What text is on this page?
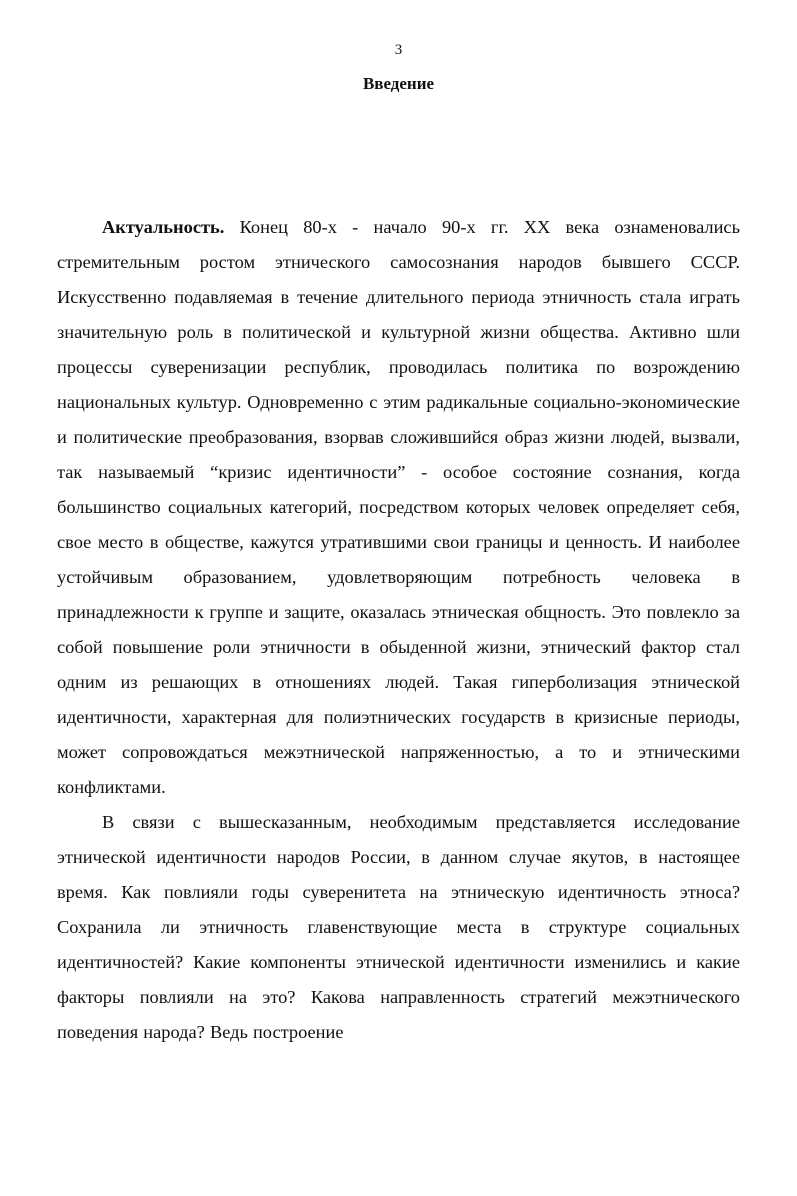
3
Введение

Актуальность. Конец 80-х - начало 90-х гг. XX века ознаменовались стремительным ростом этнического самосознания народов бывшего СССР. Искусственно подавляемая в течение длительного периода этничность стала играть значительную роль в политической и культурной жизни общества. Активно шли процессы суверенизации республик, проводилась политика по возрождению национальных культур. Одновременно с этим радикальные социально-экономические и политические преобразования, взорвав сложившийся образ жизни людей, вызвали, так называемый “кризис идентичности” - особое состояние сознания, когда большинство социальных категорий, посредством которых человек определяет себя, свое место в обществе, кажутся утратившими свои границы и ценность. И наиболее устойчивым образованием, удовлетворяющим потребность человека в принадлежности к группе и защите, оказалась этническая общность. Это повлекло за собой повышение роли этничности в обыденной жизни, этнический фактор стал одним из решающих в отношениях людей. Такая гиперболизация этнической идентичности, характерная для полиэтнических государств в кризисные периоды, может сопровождаться межэтнической напряженностью, а то и этническими конфликтами.

В связи с вышесказанным, необходимым представляется исследование этнической идентичности народов России, в данном случае якутов, в настоящее время. Как повлияли годы суверенитета на этническую идентичность этноса? Сохранила ли этничность главенствующие места в структуре социальных идентичностей? Какие компоненты этнической идентичности изменились и какие факторы повлияли на это? Какова направленность стратегий межэтнического поведения народа? Ведь построение
